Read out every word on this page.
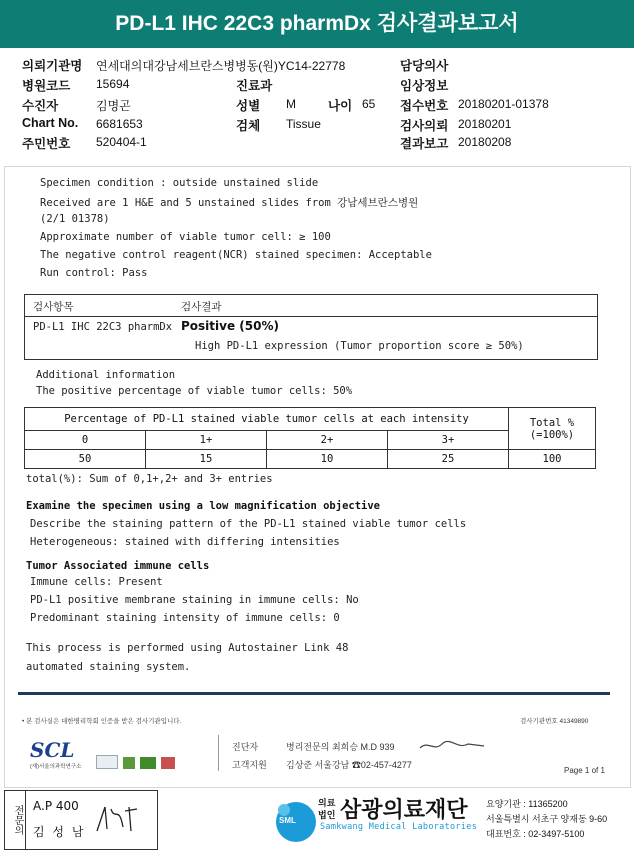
PD-L1 IHC 22C3 pharmDx 검사결과보고서
의뢰기관명 연세대의대강남세브란스병병동(원)YC14-22778
병원코드 15694
수진자	김명곤
Chart No. 6681653
주민번호 520404-1
진료과
성별 M	나이 65
검체 Tissue
담당의사
임상정보
접수번호 20180201-01378
검사의뢰 20180201
결과보고 20180208
Specimen condition : outside unstained slide
Received are 1 H&E and 5 unstained slides from 강남세브란스병원
(2/1 01378)
Approximate number of viable tumor cell: ≥ 100
The negative control reagent(NCR) stained specimen: Acceptable
Run control: Pass
검사항목	검사결과
PD-L1 IHC 22C3 pharmDx Positive (50%)
High PD-L1 expression (Tumor proportion score ≥ 50%)
Additional information
The positive percentage of viable tumor cells: 50%
Percentage of PD-L1 stained viable tumor cells at each intensity				Total %
(=100%)

0	1+	2+	3+	
50	15	10	25	100
total(%): Sum of 0,1+,2+ and 3+ entries
Examine the specimen using a low magnification objective
Describe the staining pattern of the PD-L1 stained viable tumor cells
Heterogeneous: stained with differing intensities
Tumor Associated immune cells
Immune cells: Present
PD-L1 positive membrane staining in immune cells: No
Predominant staining intensity of immune cells: 0
This process is performed using Autostainer Link 48
automated staining system.
• 본 검사실은 대한병리학회 인증을 받은 검사기관입니다.	검사기관번호 41349890
SCL
(재)서울의과학연구소

진단자	병리전문의 최희승 M.D 939
고객지원 김상준 서울강남 ☎02-457-4277
Page 1 of 1
전문의 A.P 400
김 성 남
SML
의료
법인 삼광의료재단
Samkwang Medical Laboratories
요양기관 : 11365200
서울특별시 서초구 양재동 9-60
대표번호 : 02-3497-5100
